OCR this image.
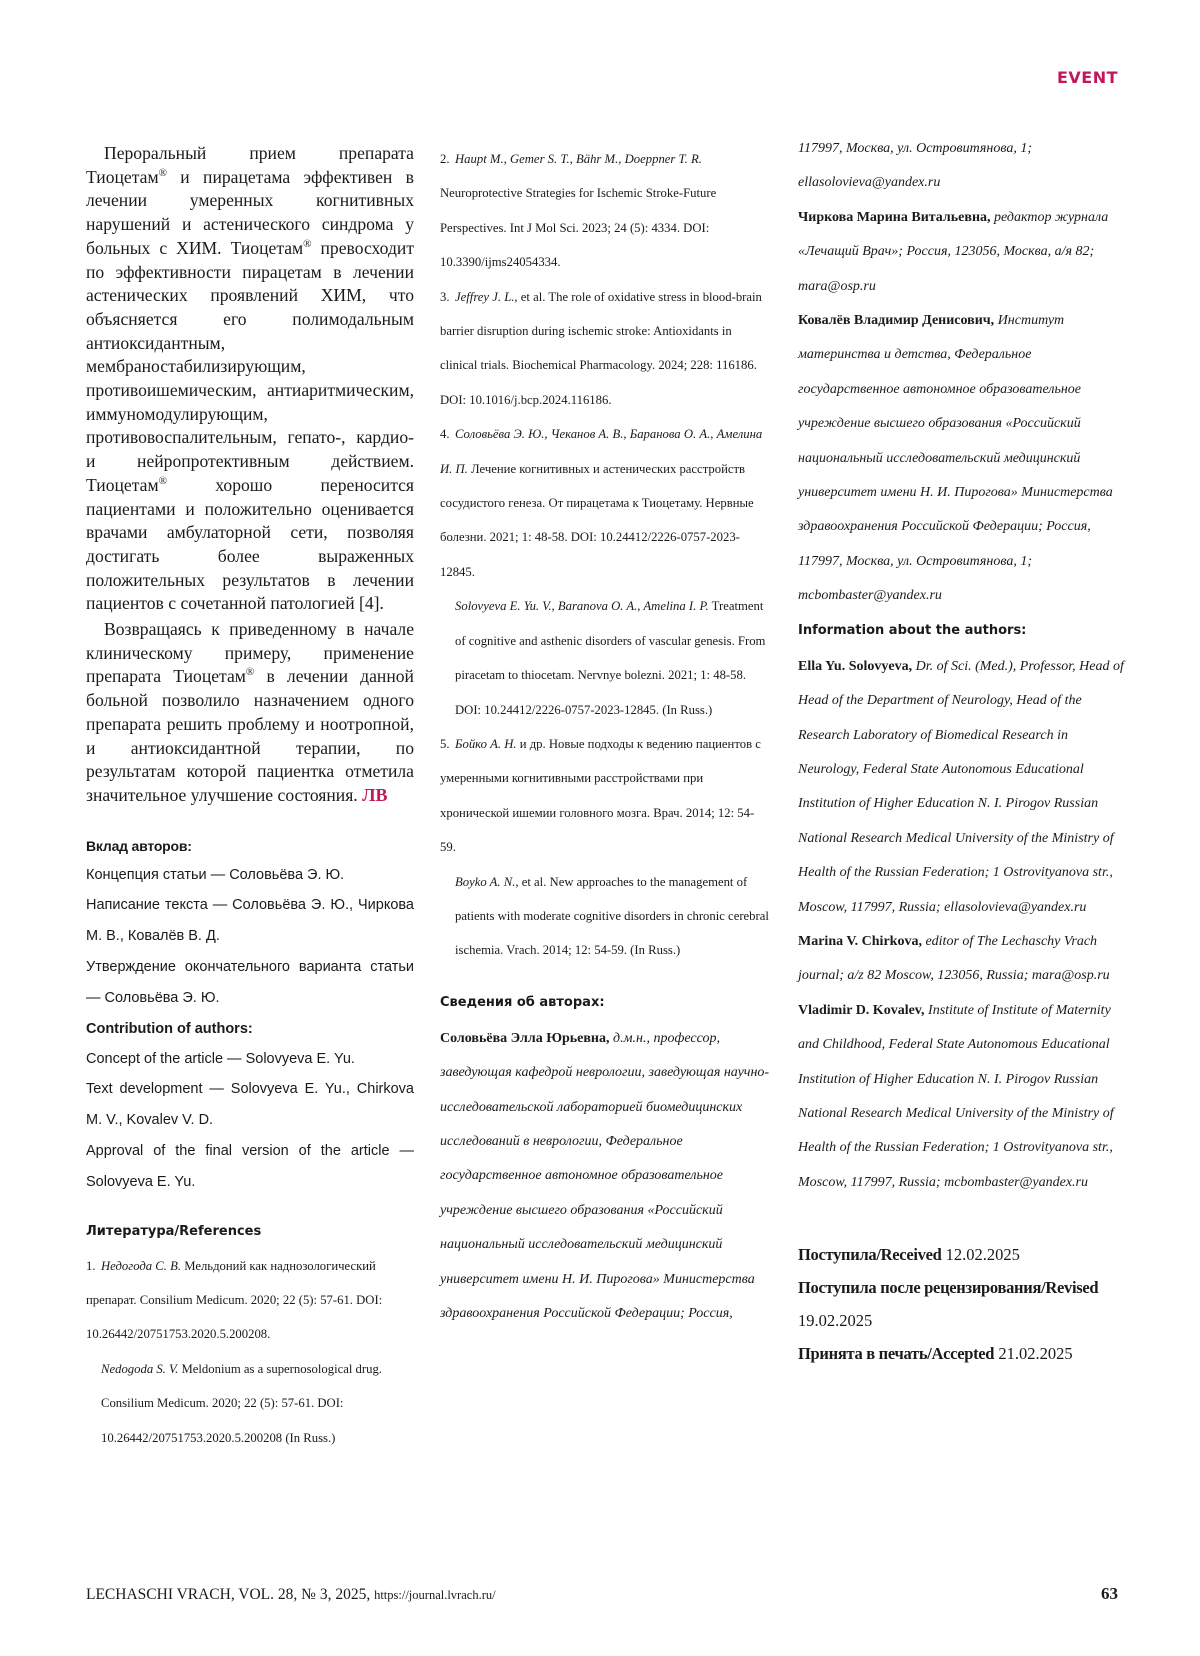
EVENT

Пероральный прием препарата Тиоцетам® и пирацетама эффективен в лечении умеренных когнитивных нарушений и астенического синдрома у больных с ХИМ. Тиоцетам® превосходит по эффективности пирацетам в лечении астенических проявлений ХИМ, что объясняется его полимодальным антиоксидантным, мембраностабилизирующим, противоишемическим, антиаритмическим, иммуномодулирующим, противовоспалительным, гепато-, кардио- и нейропротективным действием. Тиоцетам® хорошо переносится пациентами и положительно оценивается врачами амбулаторной сети, позволяя достигать более выраженных положительных результатов в лечении пациентов с сочетанной патологией [4].

Возвращаясь к приведенному в начале клиническому примеру, применение препарата Тиоцетам® в лечении данной больной позволило назначением одного препарата решить проблему и ноотропной, и антиоксидантной терапии, по результатам которой пациентка отметила значительное улучшение состояния. ЛВ

Вклад авторов:

Концепция статьи — Соловьёва Э. Ю.

Написание текста — Соловьёва Э. Ю., Чиркова М. В., Ковалёв В. Д.

Утверждение окончательного варианта статьи — Соловьёва Э. Ю.

Contribution of authors:

Concept of the article — Solovyeva E. Yu.

Text development — Solovyeva E. Yu., Chirkova M. V., Kovalev V. D.

Approval of the final version of the article — Solovyeva E. Yu.

Литература/References

1. Недогода С. В. Мельдоний как наднозологический препарат. Consilium Medicum. 2020; 22 (5): 57-61. DOI: 10.26442/20751753.2020.5.200208.
Nedogoda S. V. Meldonium as a supernosological drug. Consilium Medicum. 2020; 22 (5): 57-61. DOI: 10.26442/20751753.2020.5.200208 (In Russ.)

2. Haupt M., Gemer S. T., Bähr M., Doeppner T. R. Neuroprotective Strategies for Ischemic Stroke-Future Perspectives. Int J Mol Sci. 2023; 24 (5): 4334. DOI: 10.3390/ijms24054334.

3. Jeffrey J. L., et al. The role of oxidative stress in blood-brain barrier disruption during ischemic stroke: Antioxidants in clinical trials. Biochemical Pharmacology. 2024; 228: 116186. DOI: 10.1016/j.bcp.2024.116186.

4. Соловьёва Э. Ю., Чеканов А. В., Баранова О. А., Амелина И. П. Лечение когнитивных и астенических расстройств сосудистого генеза. От пирацетама к Тиоцетаму. Нервные болезни. 2021; 1: 48-58. DOI: 10.24412/2226-0757-2023-12845.
Solovyeva E. Yu. V., Baranova O. A., Amelina I. P. Treatment of cognitive and asthenic disorders of vascular genesis. From piracetam to thiocetam. Nervnye bolezni. 2021; 1: 48-58. DOI: 10.24412/2226-0757-2023-12845. (In Russ.)

5. Бойко А. Н. и др. Новые подходы к ведению пациентов с умеренными когнитивными расстройствами при хронической ишемии головного мозга. Врач. 2014; 12: 54-59.
Boyko A. N., et al. New approaches to the management of patients with moderate cognitive disorders in chronic cerebral ischemia. Vrach. 2014; 12: 54-59. (In Russ.)

Сведения об авторах:

Соловьёва Элла Юрьевна, д.м.н., профессор, заведующая кафедрой неврологии, заведующая научно-исследовательской лабораторией биомедицинских исследований в неврологии, Федеральное государственное автономное образовательное учреждение высшего образования «Российский национальный исследовательский медицинский университет имени Н. И. Пирогова» Министерства здравоохранения Российской Федерации; Россия,

117997, Москва, ул. Островитянова, 1; ellasolovieva@yandex.ru

Чиркова Марина Витальевна, редактор журнала «Лечащий Врач»; Россия, 123056, Москва, а/я 82; mara@osp.ru

Ковалёв Владимир Денисович, Институт материнства и детства, Федеральное государственное автономное образовательное учреждение высшего образования «Российский национальный исследовательский медицинский университет имени Н. И. Пирогова» Министерства здравоохранения Российской Федерации; Россия, 117997, Москва, ул. Островитянова, 1; mcbombaster@yandex.ru

Information about the authors:

Ella Yu. Solovyeva, Dr. of Sci. (Med.), Professor, Head of Head of the Department of Neurology, Head of the Research Laboratory of Biomedical Research in Neurology, Federal State Autonomous Educational Institution of Higher Education N. I. Pirogov Russian National Research Medical University of the Ministry of Health of the Russian Federation; 1 Ostrovityanova str., Moscow, 117997, Russia; ellasolovieva@yandex.ru

Marina V. Chirkova, editor of The Lechaschy Vrach journal; a/z 82 Moscow, 123056, Russia; mara@osp.ru

Vladimir D. Kovalev, Institute of Institute of Maternity and Childhood, Federal State Autonomous Educational Institution of Higher Education N. I. Pirogov Russian National Research Medical University of the Ministry of Health of the Russian Federation; 1 Ostrovityanova str., Moscow, 117997, Russia; mcbombaster@yandex.ru

Поступила/Received 12.02.2025

Поступила после рецензирования/Revised
19.02.2025

Принята в печать/Accepted 21.02.2025

LECHASCHI VRACH, VOL. 28, № 3, 2025, https://journal.lvrach.ru/	63
